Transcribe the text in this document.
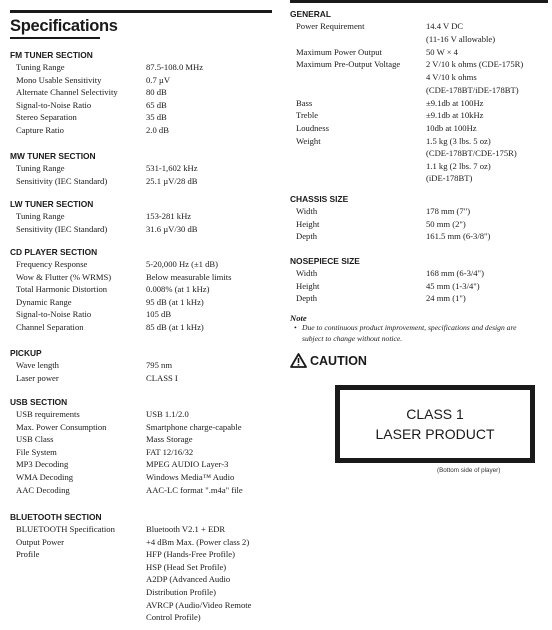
Specifications
FM TUNER SECTION
Tuning Range	87.5-108.0 MHz
Mono Usable Sensitivity	0.7 µV
Alternate Channel Selectivity	80 dB
Signal-to-Noise Ratio	65 dB
Stereo Separation	35 dB
Capture Ratio	2.0 dB
MW TUNER SECTION
Tuning Range	531-1,602 kHz
Sensitivity (IEC Standard)	25.1 µV/28 dB
LW TUNER SECTION
Tuning Range	153-281 kHz
Sensitivity (IEC Standard)	31.6 µV/30 dB
CD PLAYER SECTION
Frequency Response	5-20,000 Hz (±1 dB)
Wow & Flutter (% WRMS)	Below measurable limits
Total Harmonic Distortion	0.008% (at 1 kHz)
Dynamic Range	95 dB (at 1 kHz)
Signal-to-Noise Ratio	105 dB
Channel Separation	85 dB (at 1 kHz)
PICKUP
Wave length	795 nm
Laser power	CLASS I
USB SECTION
USB requirements	USB 1.1/2.0
Max. Power Consumption	Smartphone charge-capable
USB Class	Mass Storage
File System	FAT 12/16/32
MP3 Decoding	MPEG AUDIO Layer-3
WMA Decoding	Windows Media™ Audio
AAC Decoding	AAC-LC format ".m4a" file
BLUETOOTH SECTION
BLUETOOTH Specification	Bluetooth V2.1 + EDR
Output Power	+4 dBm Max. (Power class 2)
Profile	HFP (Hands-Free Profile)
HSP (Head Set Profile)
A2DP (Advanced Audio
Distribution Profile)
AVRCP (Audio/Video Remote
Control Profile)
GENERAL
Power Requirement	14.4 V DC
(11-16 V allowable)
Maximum Power Output	50 W × 4
Maximum Pre-Output Voltage	2 V/10 k ohms (CDE-175R)
4 V/10 k ohms
(CDE-178BT/iDE-178BT)
Bass	±9.1db at 100Hz
Treble	±9.1db at 10kHz
Loudness	10db at 100Hz
Weight	1.5 kg (3 lbs. 5 oz)
(CDE-178BT/CDE-175R)
1.1 kg (2 lbs. 7 oz)
(iDE-178BT)
CHASSIS SIZE
Width	178 mm (7")
Height	50 mm (2")
Depth	161.5 mm (6-3/8")
NOSEPIECE SIZE
Width	168 mm (6-3/4")
Height	45 mm (1-3/4")
Depth	24 mm (1")
Note
• Due to continuous product improvement, specifications and design are
subject to change without notice.
CAUTION
CLASS 1
LASER PRODUCT
(Bottom side of player)
